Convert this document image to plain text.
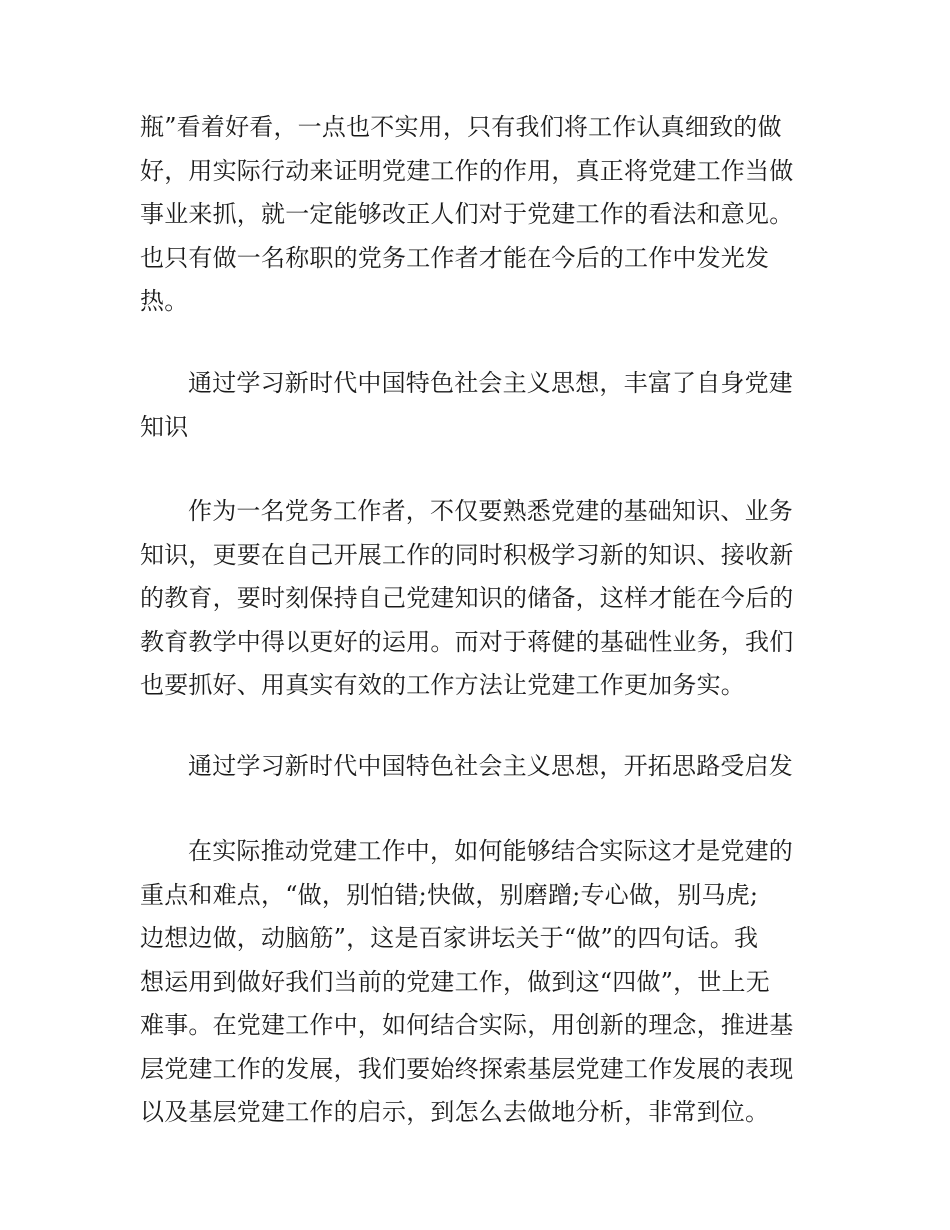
瓶”看着好看，一点也不实用，只有我们将工作认真细致的做
好，用实际行动来证明党建工作的作用，真正将党建工作当做
事业来抓，就一定能够改正人们对于党建工作的看法和意见。
也只有做一名称职的党务工作者才能在今后的工作中发光发
热。
通过学习新时代中国特色社会主义思想，丰富了自身党建
知识
作为一名党务工作者，不仅要熟悉党建的基础知识、业务
知识，更要在自己开展工作的同时积极学习新的知识、接收新
的教育，要时刻保持自己党建知识的储备，这样才能在今后的
教育教学中得以更好的运用。而对于蒋健的基础性业务，我们
也要抓好、用真实有效的工作方法让党建工作更加务实。
通过学习新时代中国特色社会主义思想，开拓思路受启发
在实际推动党建工作中，如何能够结合实际这才是党建的
重点和难点，“做，别怕错;快做，别磨蹭;专心做，别马虎;
边想边做，动脑筋”，这是百家讲坛关于“做”的四句话。我
想运用到做好我们当前的党建工作，做到这“四做”，世上无
难事。在党建工作中，如何结合实际，用创新的理念，推进基
层党建工作的发展，我们要始终探索基层党建工作发展的表现
以及基层党建工作的启示，到怎么去做地分析，非常到位。
